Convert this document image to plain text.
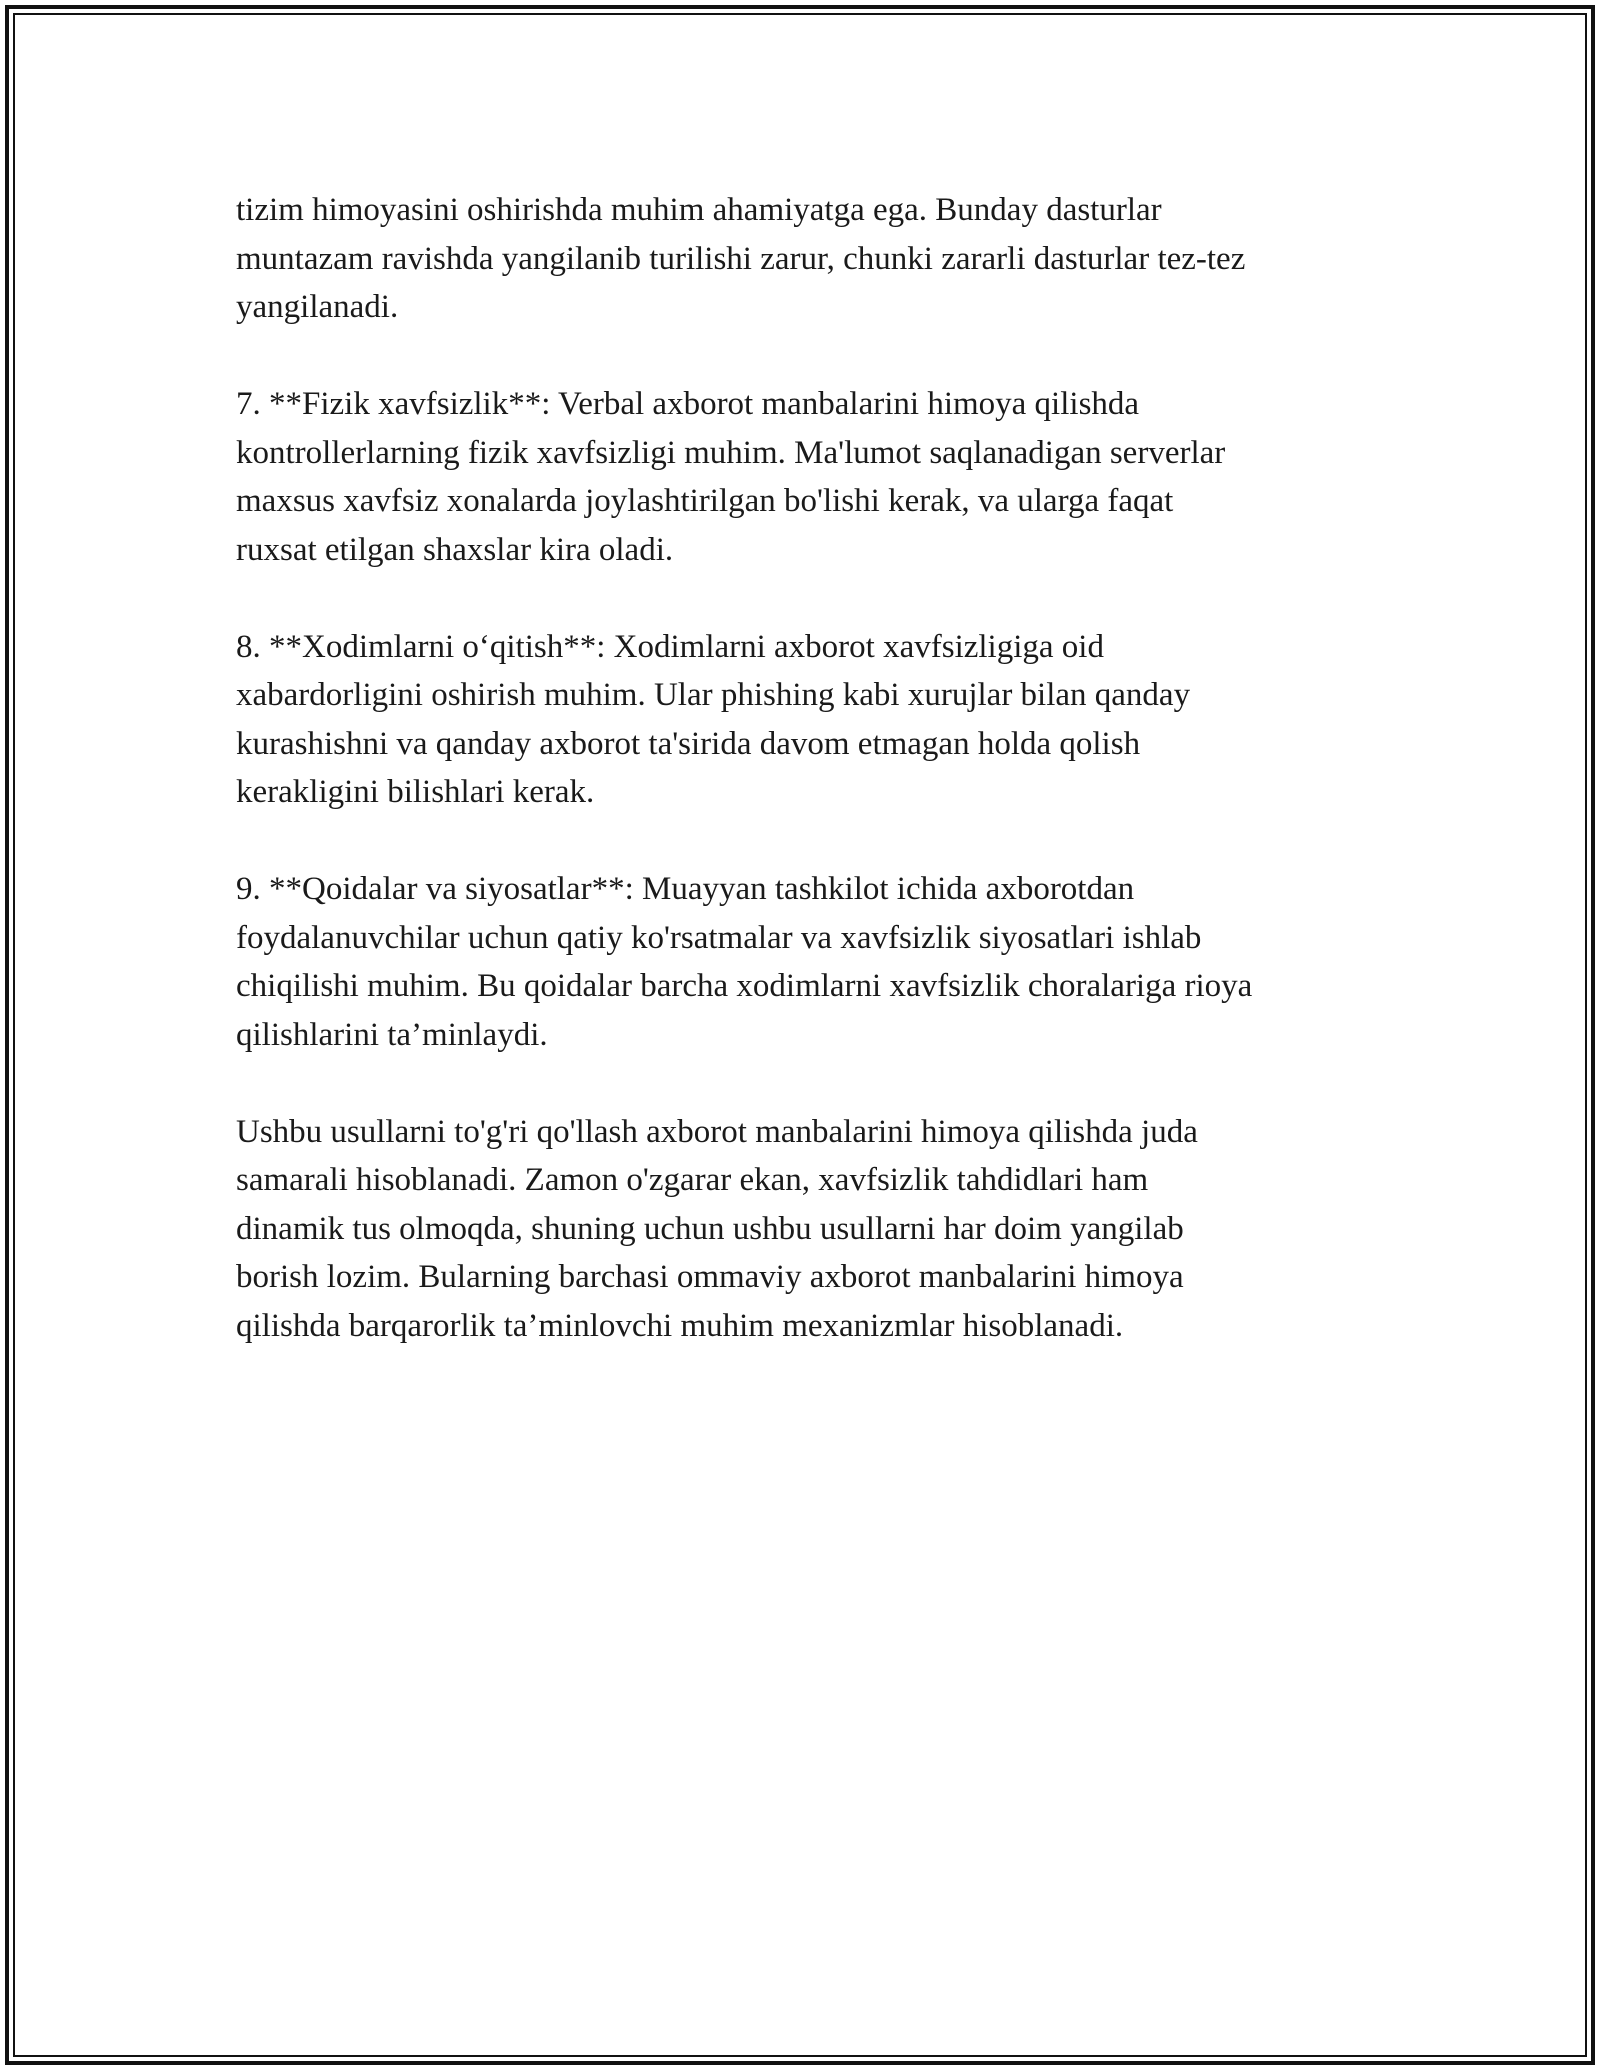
tizim himoyasini oshirishda muhim ahamiyatga ega. Bunday dasturlar
muntazam ravishda yangilanib turilishi zarur, chunki zararli dasturlar tez-tez
yangilanadi.

7. **Fizik xavfsizlik**: Verbal axborot manbalarini himoya qilishda
kontrollerlarning fizik xavfsizligi muhim. Ma'lumot saqlanadigan serverlar
maxsus xavfsiz xonalarda joylashtirilgan bo'lishi kerak, va ularga faqat
ruxsat etilgan shaxslar kira oladi.

8. **Xodimlarni o‘qitish**: Xodimlarni axborot xavfsizligiga oid
xabardorligini oshirish muhim. Ular phishing kabi xurujlar bilan qanday
kurashishni va qanday axborot ta'sirida davom etmagan holda qolish
kerakligini bilishlari kerak.

9. **Qoidalar va siyosatlar**: Muayyan tashkilot ichida axborotdan
foydalanuvchilar uchun qatiy ko'rsatmalar va xavfsizlik siyosatlari ishlab
chiqilishi muhim. Bu qoidalar barcha xodimlarni xavfsizlik choralariga rioya
qilishlarini ta’minlaydi.

Ushbu usullarni to'g'ri qo'llash axborot manbalarini himoya qilishda juda
samarali hisoblanadi. Zamon o'zgarar ekan, xavfsizlik tahdidlari ham
dinamik tus olmoqda, shuning uchun ushbu usullarni har doim yangilab
borish lozim. Bularning barchasi ommaviy axborot manbalarini himoya
qilishda barqarorlik ta’minlovchi muhim mexanizmlar hisoblanadi.
